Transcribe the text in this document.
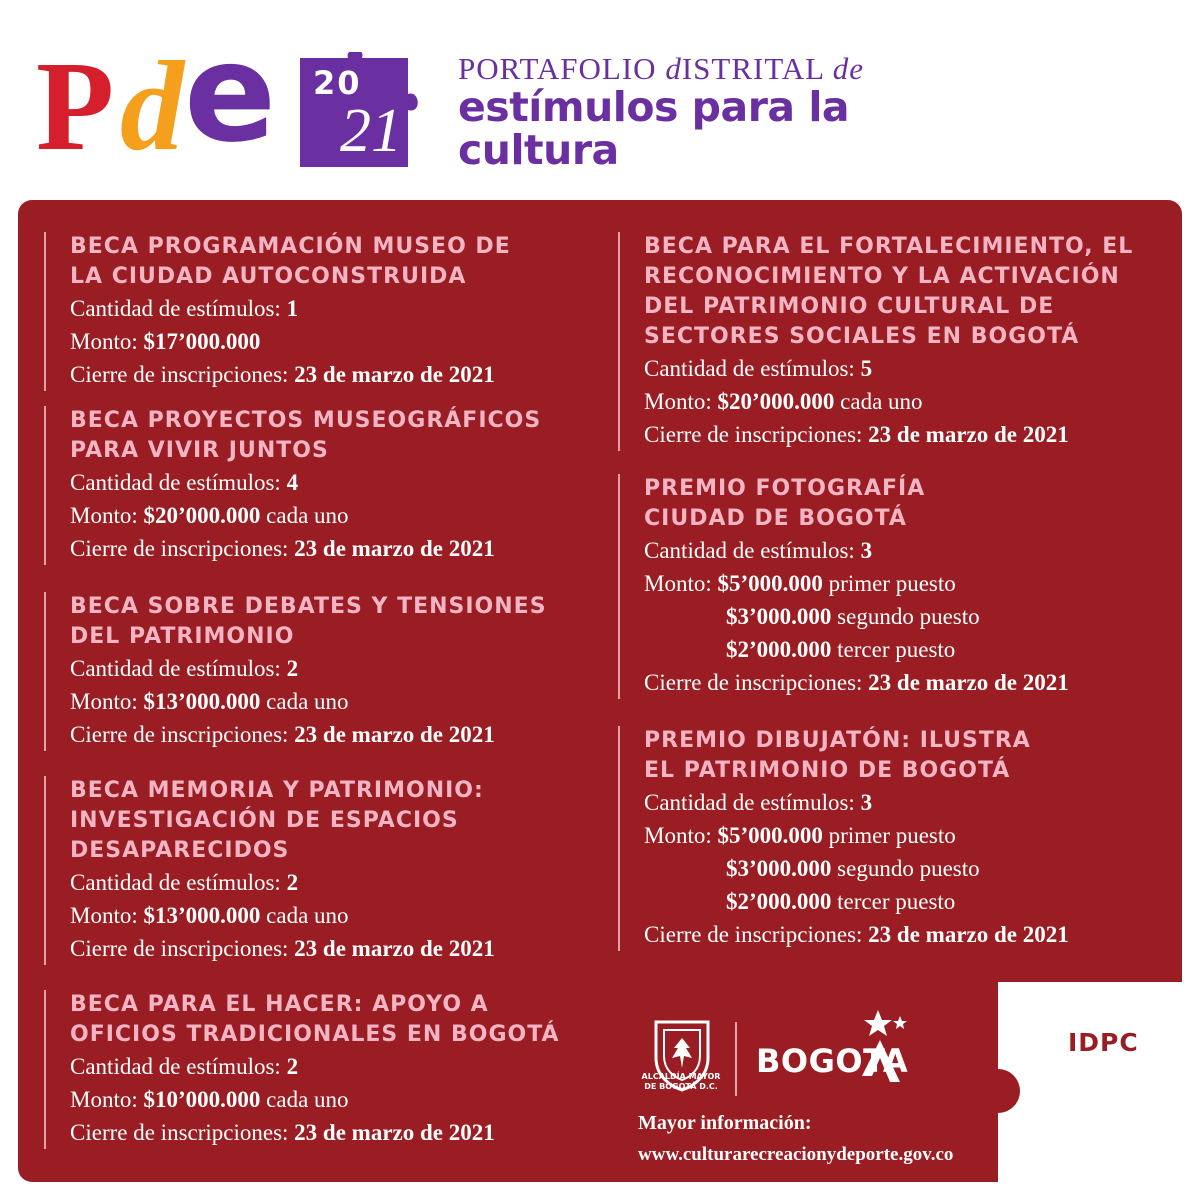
P d e 20
21
PORTAFOLIO dISTRITAL de
estímulos para la
cultura
BECA PROGRAMACIÓN MUSEO DE
LA CIUDAD AUTOCONSTRUIDA
Cantidad de estímulos: 1
Monto: $17’000.000
Cierre de inscripciones: 23 de marzo de 2021
BECA PROYECTOS MUSEOGRÁFICOS
PARA VIVIR JUNTOS
Cantidad de estímulos: 4
Monto: $20’000.000 cada uno
Cierre de inscripciones: 23 de marzo de 2021
BECA SOBRE DEBATES Y TENSIONES
DEL PATRIMONIO
Cantidad de estímulos: 2
Monto: $13’000.000 cada uno
Cierre de inscripciones: 23 de marzo de 2021
BECA MEMORIA Y PATRIMONIO:
INVESTIGACIÓN DE ESPACIOS
DESAPARECIDOS
Cantidad de estímulos: 2
Monto: $13’000.000 cada uno
Cierre de inscripciones: 23 de marzo de 2021
BECA PARA EL HACER: APOYO A
OFICIOS TRADICIONALES EN BOGOTÁ
Cantidad de estímulos: 2
Monto: $10’000.000 cada uno
Cierre de inscripciones: 23 de marzo de 2021
BECA PARA EL FORTALECIMIENTO, EL
RECONOCIMIENTO Y LA ACTIVACIÓN
DEL PATRIMONIO CULTURAL DE
SECTORES SOCIALES EN BOGOTÁ
Cantidad de estímulos: 5
Monto: $20’000.000 cada uno
Cierre de inscripciones: 23 de marzo de 2021
PREMIO FOTOGRAFÍA
CIUDAD DE BOGOTÁ
Cantidad de estímulos: 3
Monto: $5’000.000 primer puesto
$3’000.000 segundo puesto
$2’000.000 tercer puesto
Cierre de inscripciones: 23 de marzo de 2021
PREMIO DIBUJATÓN: ILUSTRA
EL PATRIMONIO DE BOGOTÁ
Cantidad de estímulos: 3
Monto: $5’000.000 primer puesto
$3’000.000 segundo puesto
$2’000.000 tercer puesto
Cierre de inscripciones: 23 de marzo de 2021
IDPC
ALCALDÍA MAYOR
DE BOGOTÁ D.C.
BOGOTA
Mayor información:
www.culturarecreacionydeporte.gov.co
